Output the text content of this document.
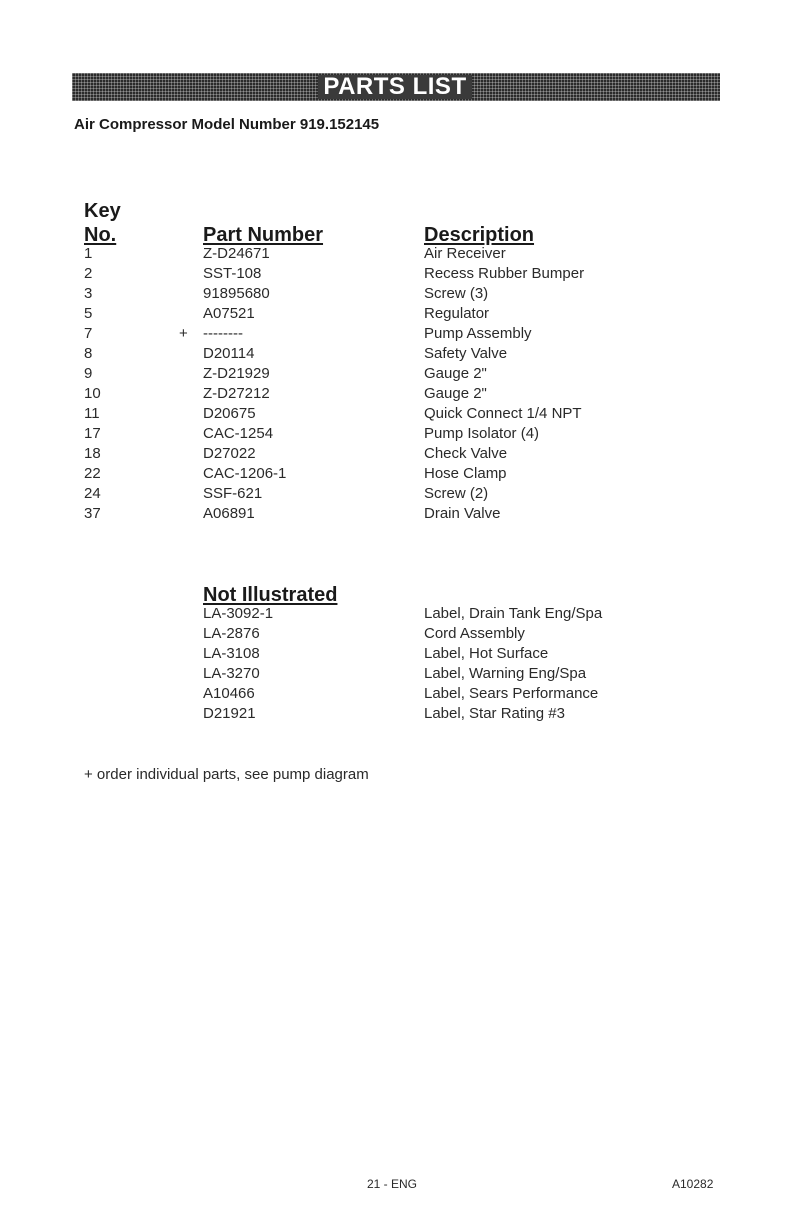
PARTS LIST
Air Compressor Model Number 919.152145
Key
No.	Part Number	Description
1	Z-D24671	Air Receiver
2	SST-108	Recess Rubber Bumper
3	91895680	Screw (3)
5	A07521	Regulator
7	+ --------	Pump Assembly
8	D20114	Safety Valve
9	Z-D21929	Gauge 2"
10	Z-D27212	Gauge 2"
11	D20675	Quick Connect 1/4 NPT
17	CAC-1254	Pump Isolator (4)
18	D27022	Check Valve
22	CAC-1206-1	Hose Clamp
24	SSF-621	Screw (2)
37	A06891	Drain Valve
Not Illustrated
LA-3092-1	Label, Drain Tank Eng/Spa
LA-2876	Cord Assembly
LA-3108	Label, Hot Surface
LA-3270	Label, Warning Eng/Spa
A10466	Label, Sears Performance
D21921	Label, Star Rating #3
+ order individual parts, see pump diagram
21 - ENG	A10282
